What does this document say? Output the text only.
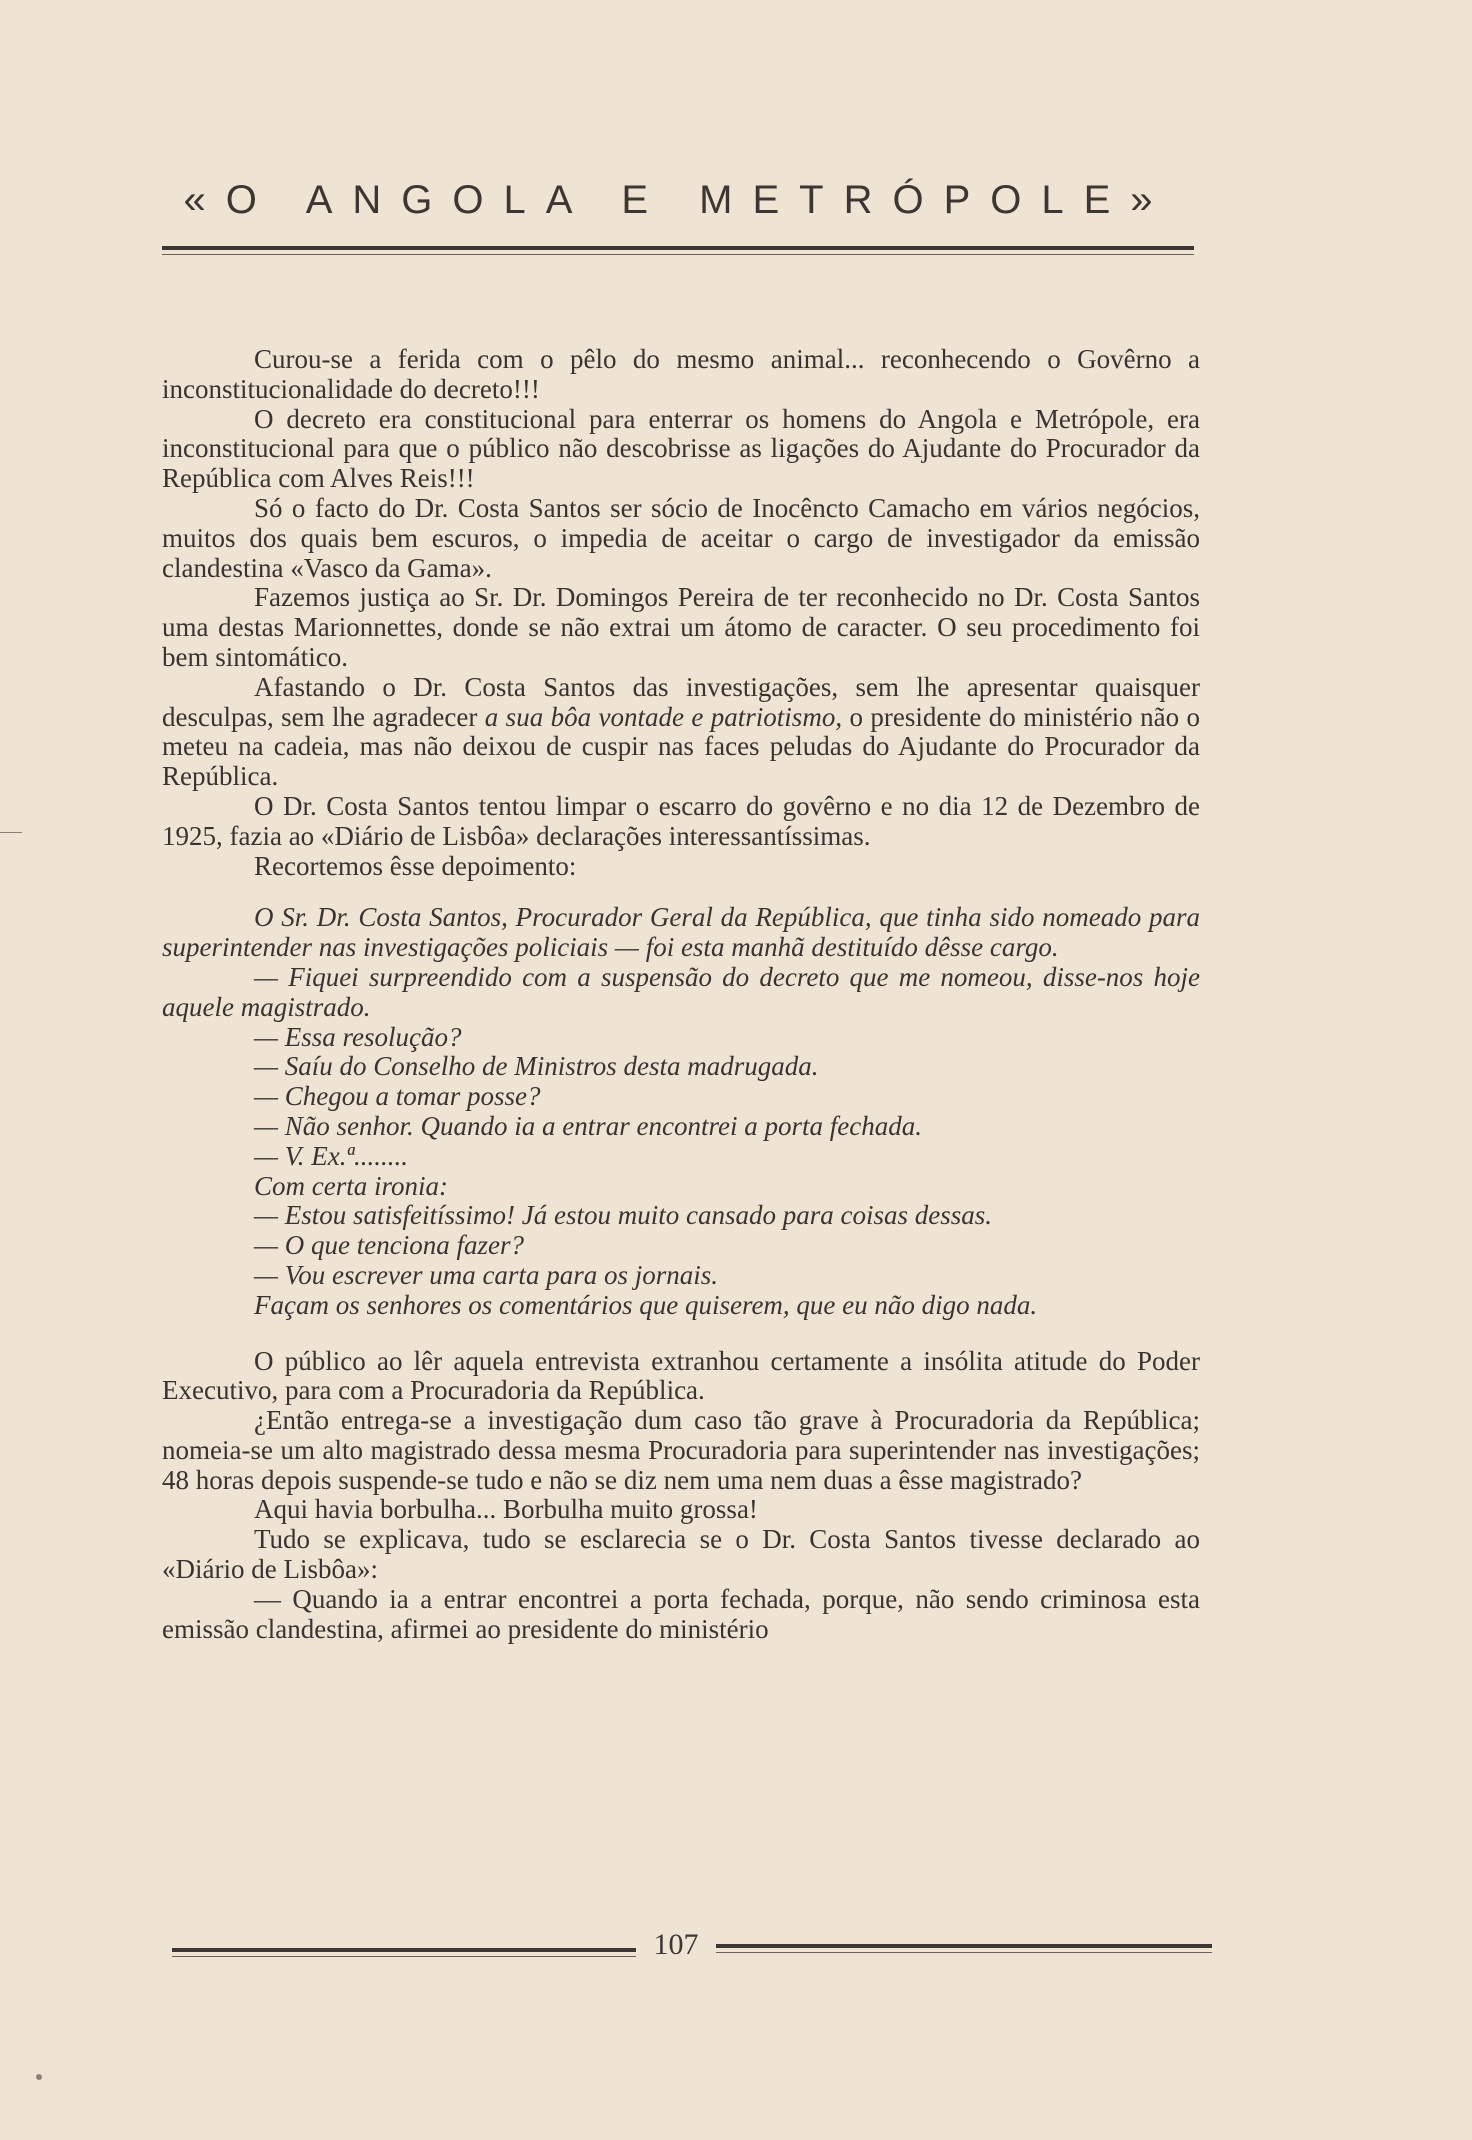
«O ANGOLA E METRÓPOLE»

Curou-se a ferida com o pêlo do mesmo animal... reconhecendo o Govêrno a inconstitucionalidade do decreto!!!

O decreto era constitucional para enterrar os homens do Angola e Metrópole, era inconstitucional para que o público não descobrisse as ligações do Ajudante do Procurador da República com Alves Reis!!!

Só o facto do Dr. Costa Santos ser sócio de Inocêncto Camacho em vários negócios, muitos dos quais bem escuros, o impedia de aceitar o cargo de investigador da emissão clandestina «Vasco da Gama».

Fazemos justiça ao Sr. Dr. Domingos Pereira de ter reconhecido no Dr. Costa Santos uma destas Marionnettes, donde se não extrai um átomo de caracter. O seu procedimento foi bem sintomático.

Afastando o Dr. Costa Santos das investigações, sem lhe apresentar quaisquer desculpas, sem lhe agradecer a sua bôa vontade e patriotismo, o presidente do ministério não o meteu na cadeia, mas não deixou de cuspir nas faces peludas do Ajudante do Procurador da República.

O Dr. Costa Santos tentou limpar o escarro do govêrno e no dia 12 de Dezembro de 1925, fazia ao «Diário de Lisbôa» declarações interessantíssimas.

Recortemos êsse depoimento:

O Sr. Dr. Costa Santos, Procurador Geral da República, que tinha sido nomeado para superintender nas investigações policiais — foi esta manhã destituído dêsse cargo.

— Fiquei surpreendido com a suspensão do decreto que me nomeou, disse-nos hoje aquele magistrado.

— Essa resolução?

— Saíu do Conselho de Ministros desta madrugada.

— Chegou a tomar posse?

— Não senhor. Quando ia a entrar encontrei a porta fechada.

— V. Ex.ª........

Com certa ironia:

— Estou satisfeitíssimo! Já estou muito cansado para coisas dessas.

— O que tenciona fazer?

— Vou escrever uma carta para os jornais.

Façam os senhores os comentários que quiserem, que eu não digo nada.

O público ao lêr aquela entrevista extranhou certamente a insólita atitude do Poder Executivo, para com a Procuradoria da República.

¿Então entrega-se a investigação dum caso tão grave à Procuradoria da República; nomeia-se um alto magistrado dessa mesma Procuradoria para superintender nas investigações; 48 horas depois suspende-se tudo e não se diz nem uma nem duas a êsse magistrado?

Aqui havia borbulha... Borbulha muito grossa!

Tudo se explicava, tudo se esclarecia se o Dr. Costa Santos tivesse declarado ao «Diário de Lisbôa»:

— Quando ia a entrar encontrei a porta fechada, porque, não sendo criminosa esta emissão clandestina, afirmei ao presidente do ministério

107
